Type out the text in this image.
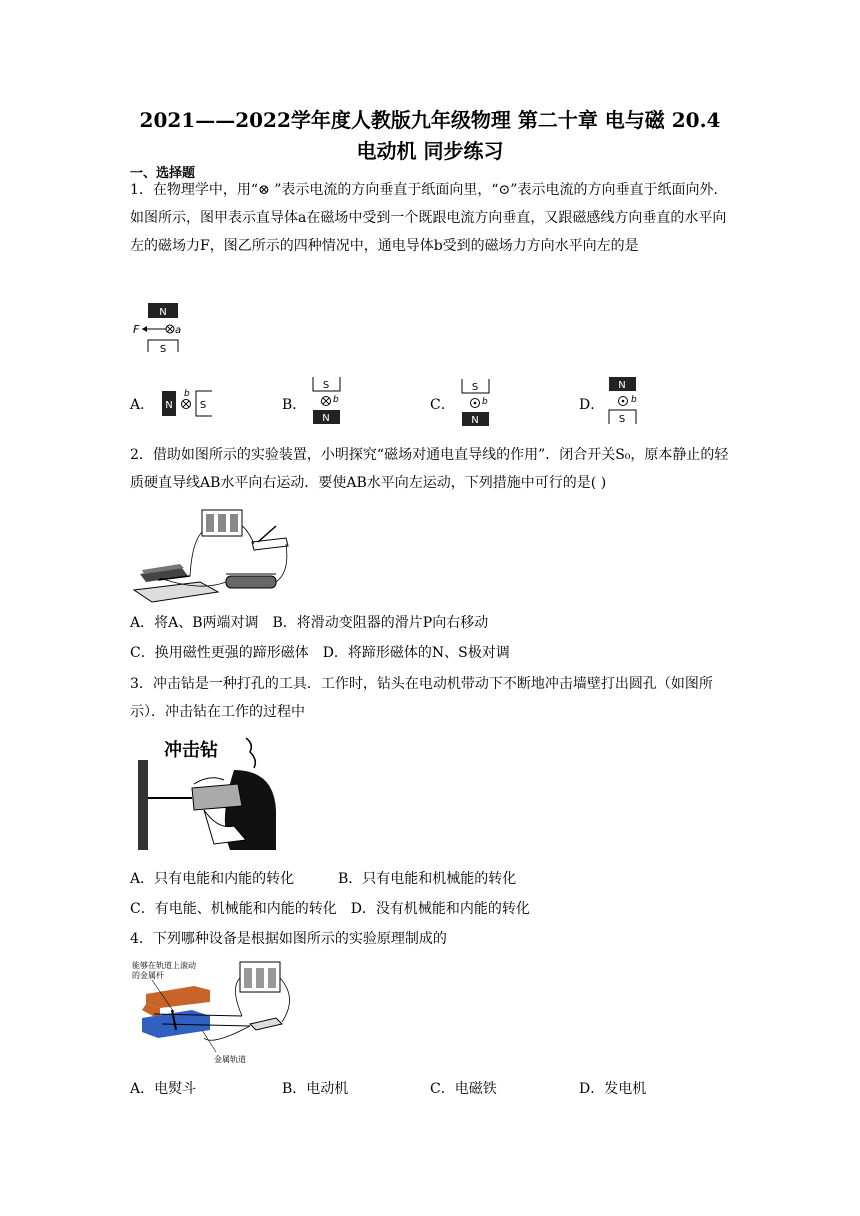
2021——2022学年度人教版九年级物理 第二十章 电与磁 20.4
电动机 同步练习
一、选择题

1．在物理学中，用“⊗ ”表示电流的方向垂直于纸面向里，“⊙”表示电流的方向垂直于纸面向外．如图所示，图甲表示直导体a在磁场中受到一个既跟电流方向垂直，又跟磁感线方向垂直的水平向左的磁场力F，图乙所示的四种情况中，通电导体b受到的磁场力方向水平向左的是

N
F	a
S
A． N
b
S	B．
S
b
N
C．
S
b
N
D．
N
b
S

2．借助如图所示的实验装置，小明探究“磁场对通电直导线的作用”．闭合开关S₀，原本静止的轻质硬直导线AB水平向右运动．要使AB水平向左运动，下列措施中可行的是( )

A．将A、B两端对调　B．将滑动变阻器的滑片P向右移动
C．换用磁性更强的蹄形磁体　D．将蹄形磁体的N、S极对调

3．冲击钻是一种打孔的工具．工作时，钻头在电动机带动下不断地冲击墙壁打出圆孔（如图所示）．冲击钻在工作的过程中

冲击钻
A．只有电能和内能的转化	B．只有电能和机械能的转化
C．有电能、机械能和内能的转化　D．没有机械能和内能的转化
4．下列哪种设备是根据如图所示的实验原理制成的
能够在轨道上滚动
的金属杆
金属轨道
A．电熨斗	B．电动机	C．电磁铁	D．发电机
